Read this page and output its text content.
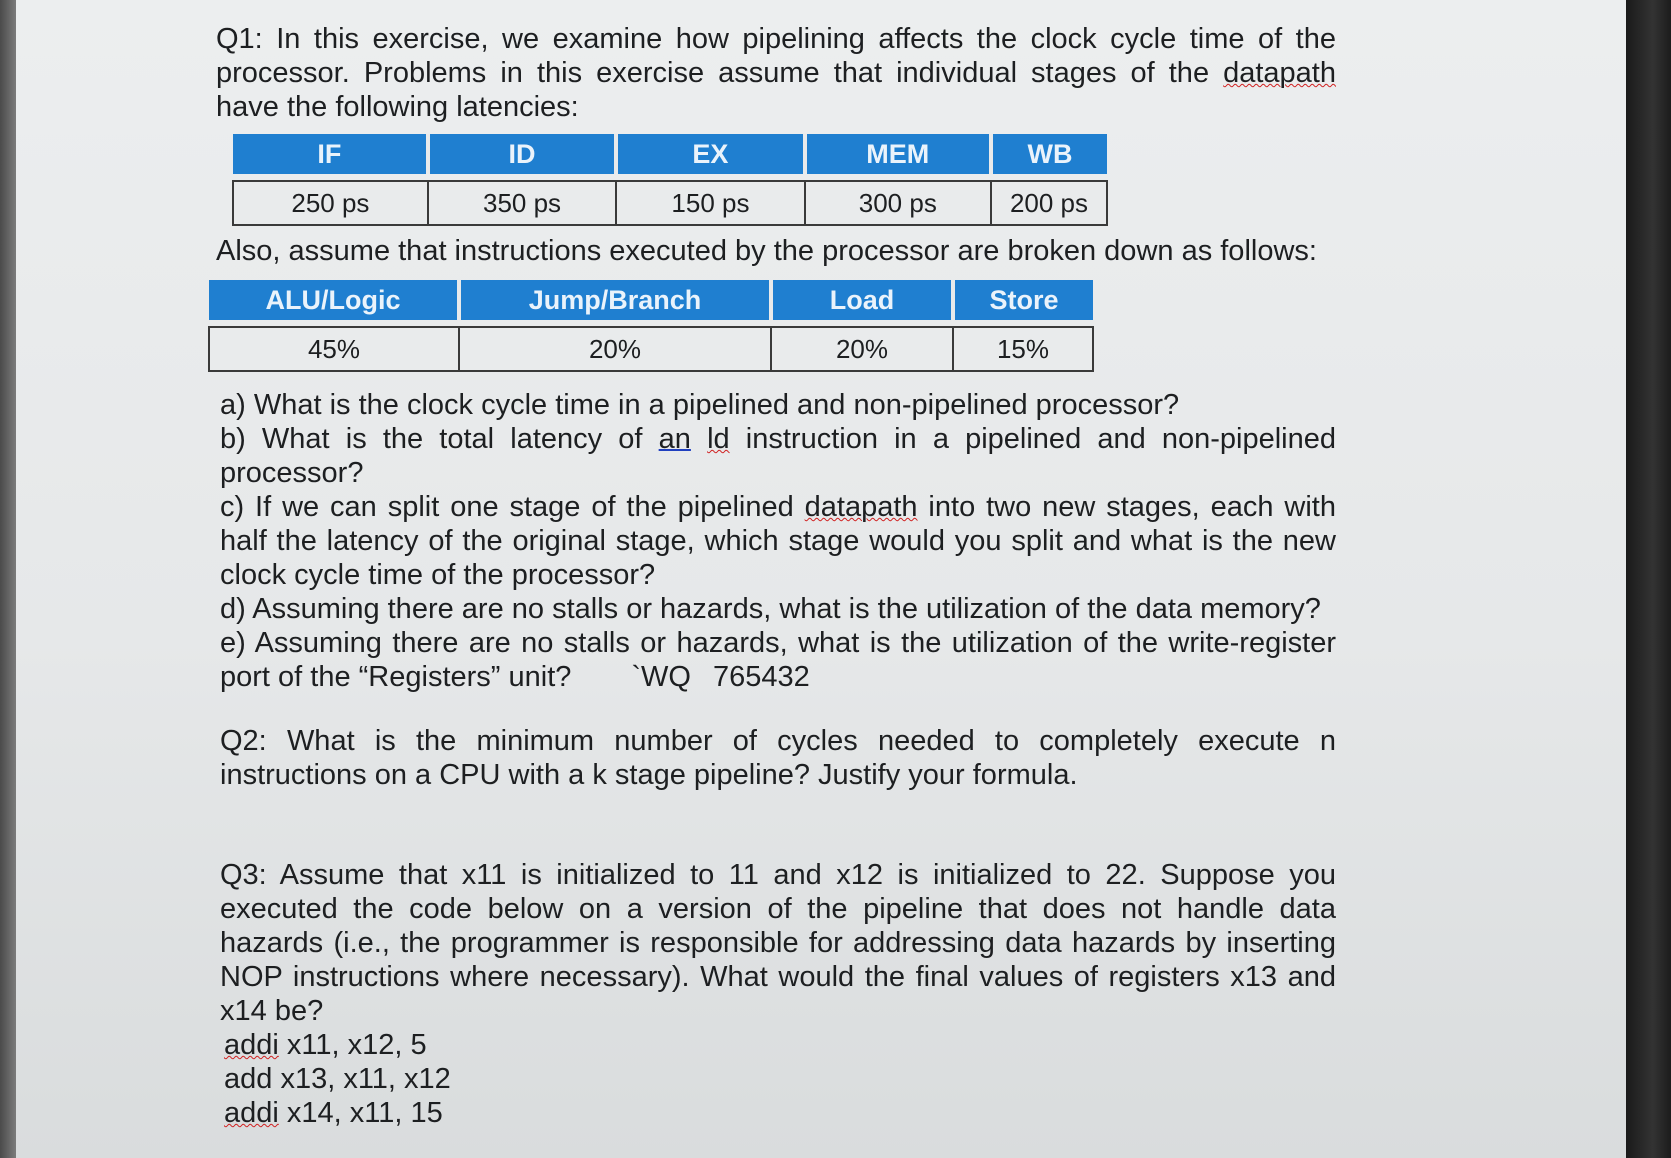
Q1: In this exercise, we examine how pipelining affects the clock cycle time of the processor. Problems in this exercise assume that individual stages of the datapath have the following latencies:

IF	ID	EX	MEM	WB

250 ps	350 ps	150 ps	300 ps	200 ps

Also, assume that instructions executed by the processor are broken down as follows:

ALU/Logic	Jump/Branch	Load	Store

45%	20%	20%	15%

a) What is the clock cycle time in a pipelined and non-pipelined processor?

b) What is the total latency of an ld instruction in a pipelined and non-pipelined processor?

c) If we can split one stage of the pipelined datapath into two new stages, each with half the latency of the original stage, which stage would you split and what is the new clock cycle time of the processor?

d) Assuming there are no stalls or hazards, what is the utilization of the data memory?

e) Assuming there are no stalls or hazards, what is the utilization of the write-register port of the “Registers” unit? `WQ 765432

Q2: What is the minimum number of cycles needed to completely execute n instructions on a CPU with a k stage pipeline? Justify your formula.

Q3: Assume that x11 is initialized to 11 and x12 is initialized to 22. Suppose you executed the code below on a version of the pipeline that does not handle data hazards (i.e., the programmer is responsible for addressing data hazards by inserting NOP instructions where necessary). What would the final values of registers x13 and x14 be?

addi x11, x12, 5

add x13, x11, x12

addi x14, x11, 15
